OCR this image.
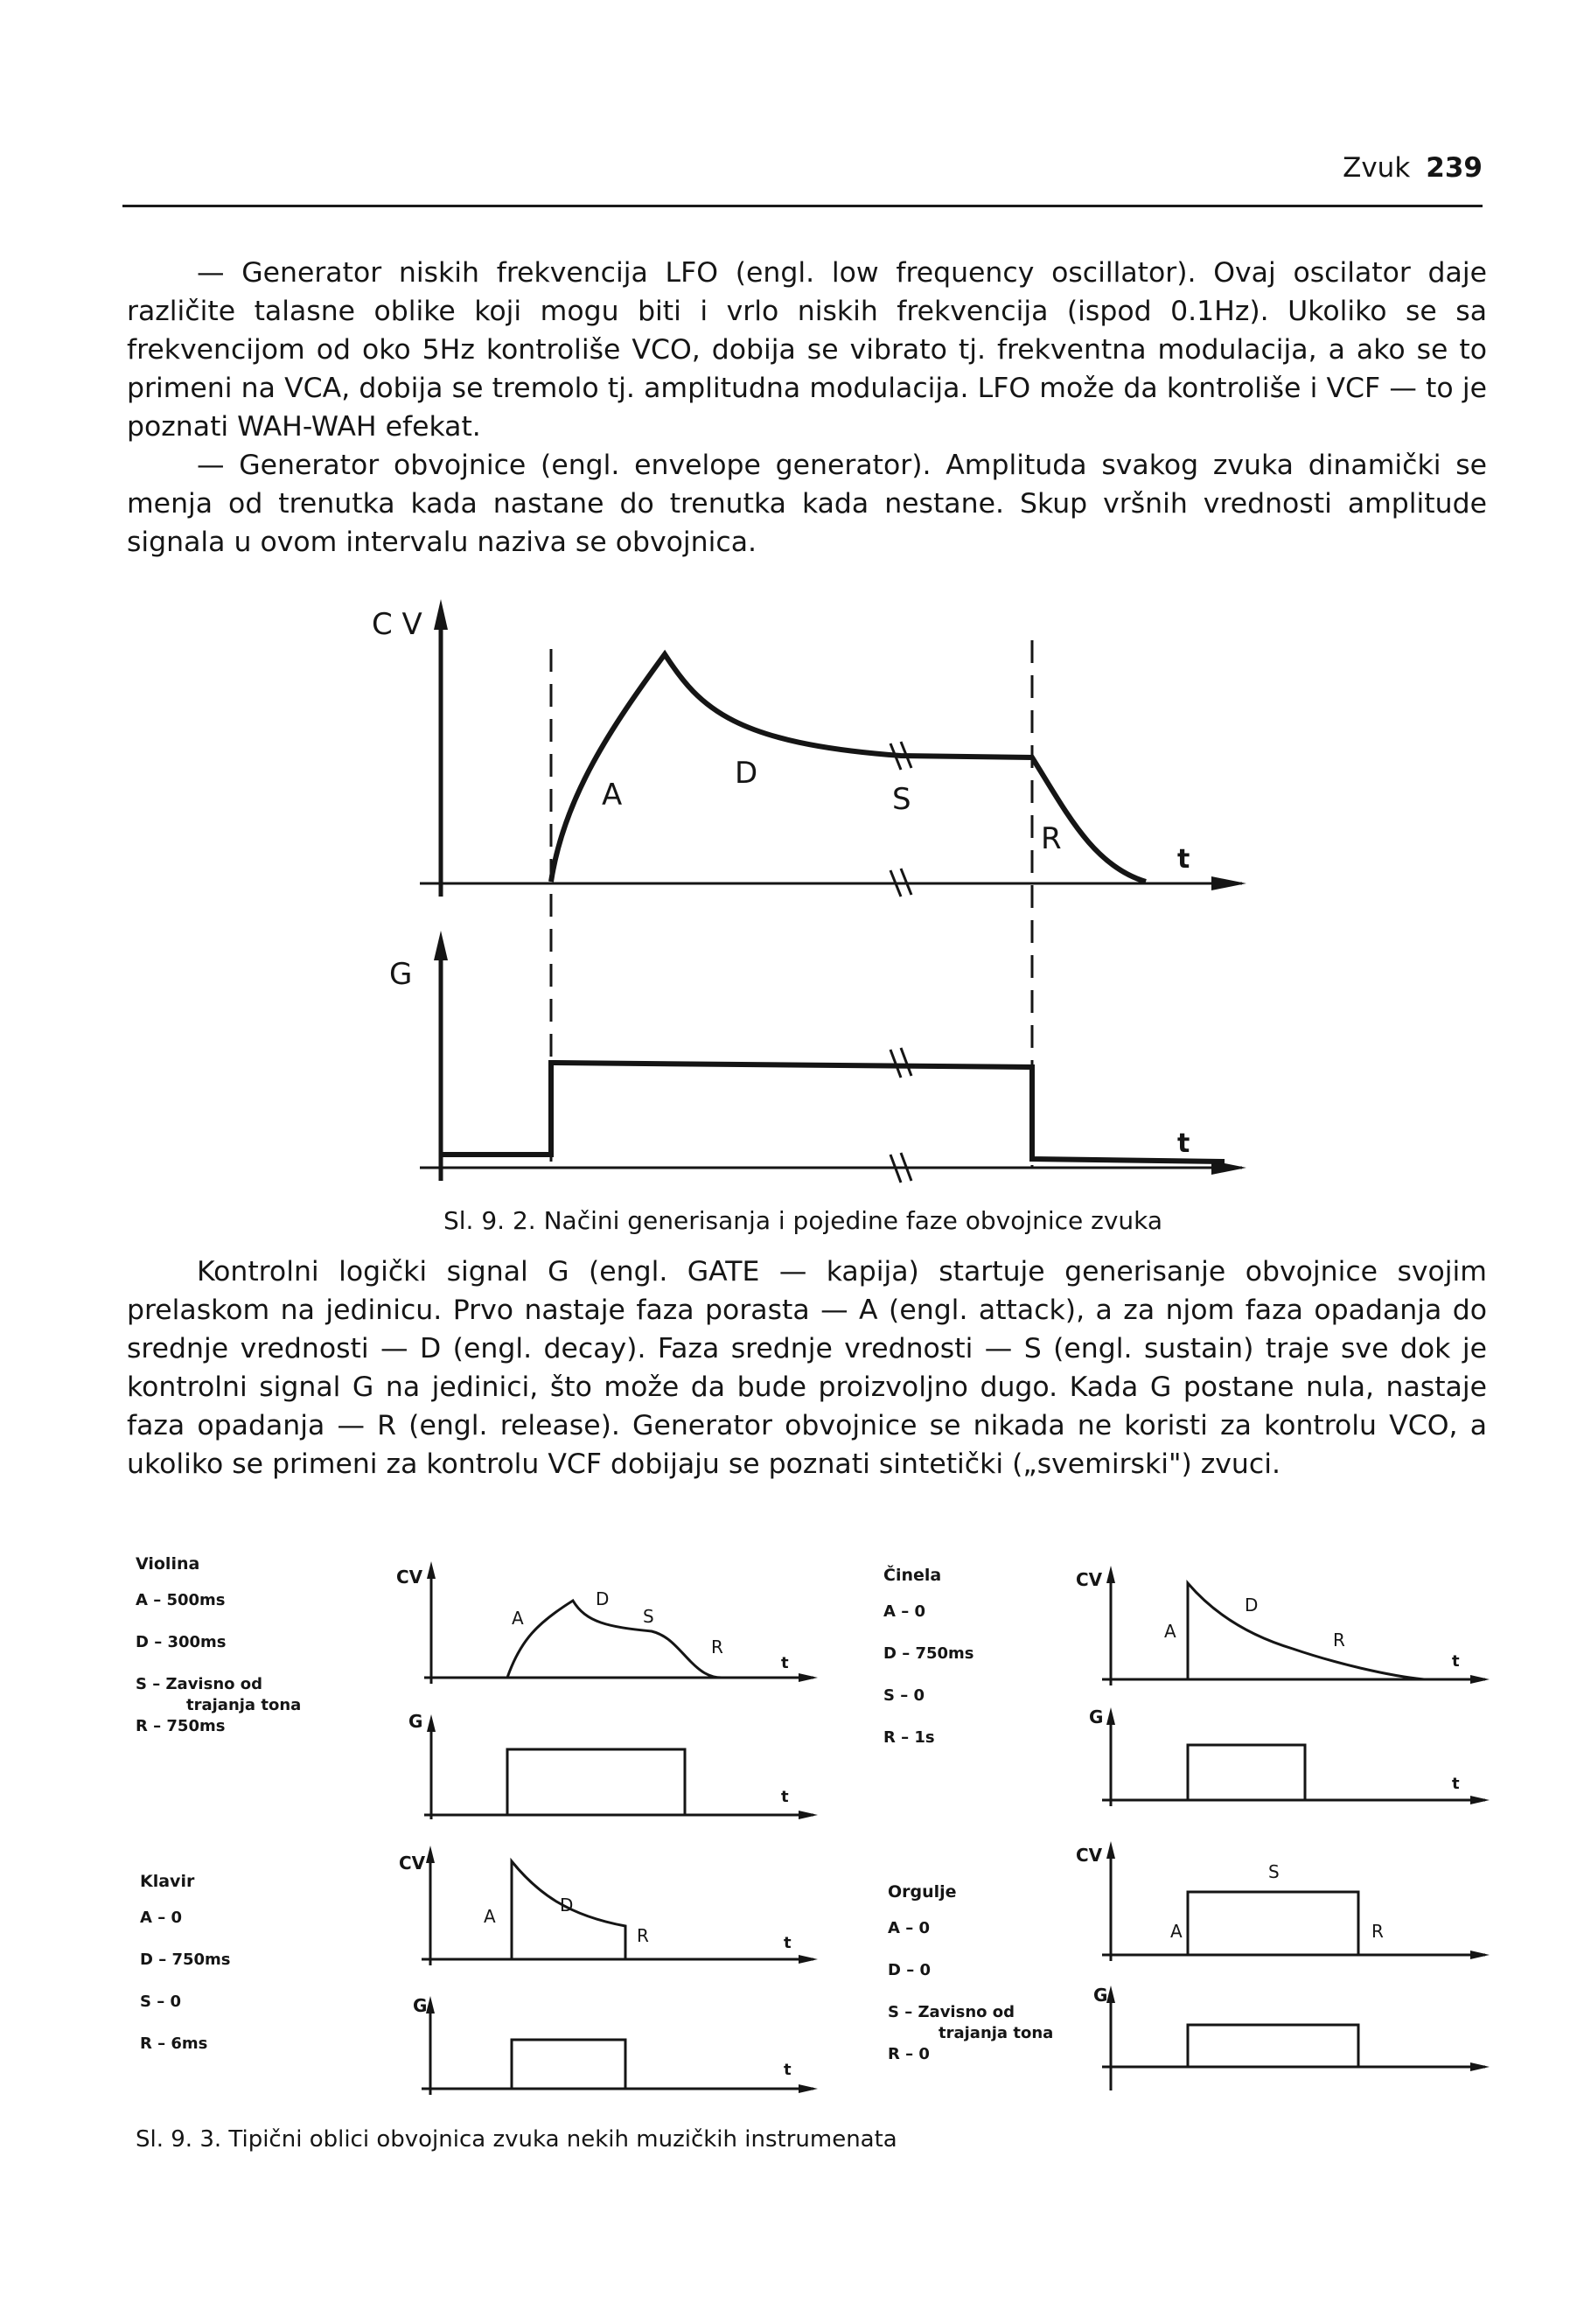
Zvuk 239

— Generator niskih frekvencija LFO (engl. low frequency oscillator). Ovaj oscilator daje različite talasne oblike koji mogu biti i vrlo niskih frekvencija (ispod 0.1Hz). Ukoliko se sa frekvencijom od oko 5Hz kontroliše VCO, dobija se vibrato tj. frekventna modulacija, a ako se to primeni na VCA, dobija se tremolo tj. amplitudna modulacija. LFO može da kontroliše i VCF — to je poznati WAH-WAH efekat.

— Generator obvojnice (engl. envelope generator). Amplituda svakog zvuka dinamički se menja od trenutka kada nastane do trenutka kada nestane. Skup vršnih vrednosti amplitude signala u ovom intervalu naziva se obvojnica.

C V
G
A
D
S
R
t
t

Sl. 9. 2. Načini generisanja i pojedine faze obvojnice zvuka

Kontrolni logički signal G (engl. GATE — kapija) startuje generisanje obvojnice svojim prelaskom na jedinicu. Prvo nastaje faza porasta — A (engl. attack), a za njom faza opadanja do srednje vrednosti — D (engl. decay). Faza srednje vrednosti — S (engl. sustain) traje sve dok je kontrolni signal G na jedinici, što može da bude proizvoljno dugo. Kada G postane nula, nastaje faza opadanja — R (engl. release). Generator obvojnice se nikada ne koristi za kontrolu VCO, a ukoliko se primeni za kontrolu VCF dobijaju se poznati sintetički („svemirski") zvuci.

Violina
A – 500ms
D – 300ms
S – Zavisno od
trajanja tona
R – 750ms
Činela
A – 0
D – 750ms
S – 0
R – 1s
Klavir
A – 0
D – 750ms
S – 0
R – 6ms
Orgulje
A – 0
D – 0
S – Zavisno od
trajanja tona
R – 0
CV
G
A
D
S
R
t
t
CV
G
A
D
R
t
t
CV
G
A
D
R	t
t
CV
G
A
S
R

Sl. 9. 3. Tipični oblici obvojnica zvuka nekih muzičkih instrumenata
